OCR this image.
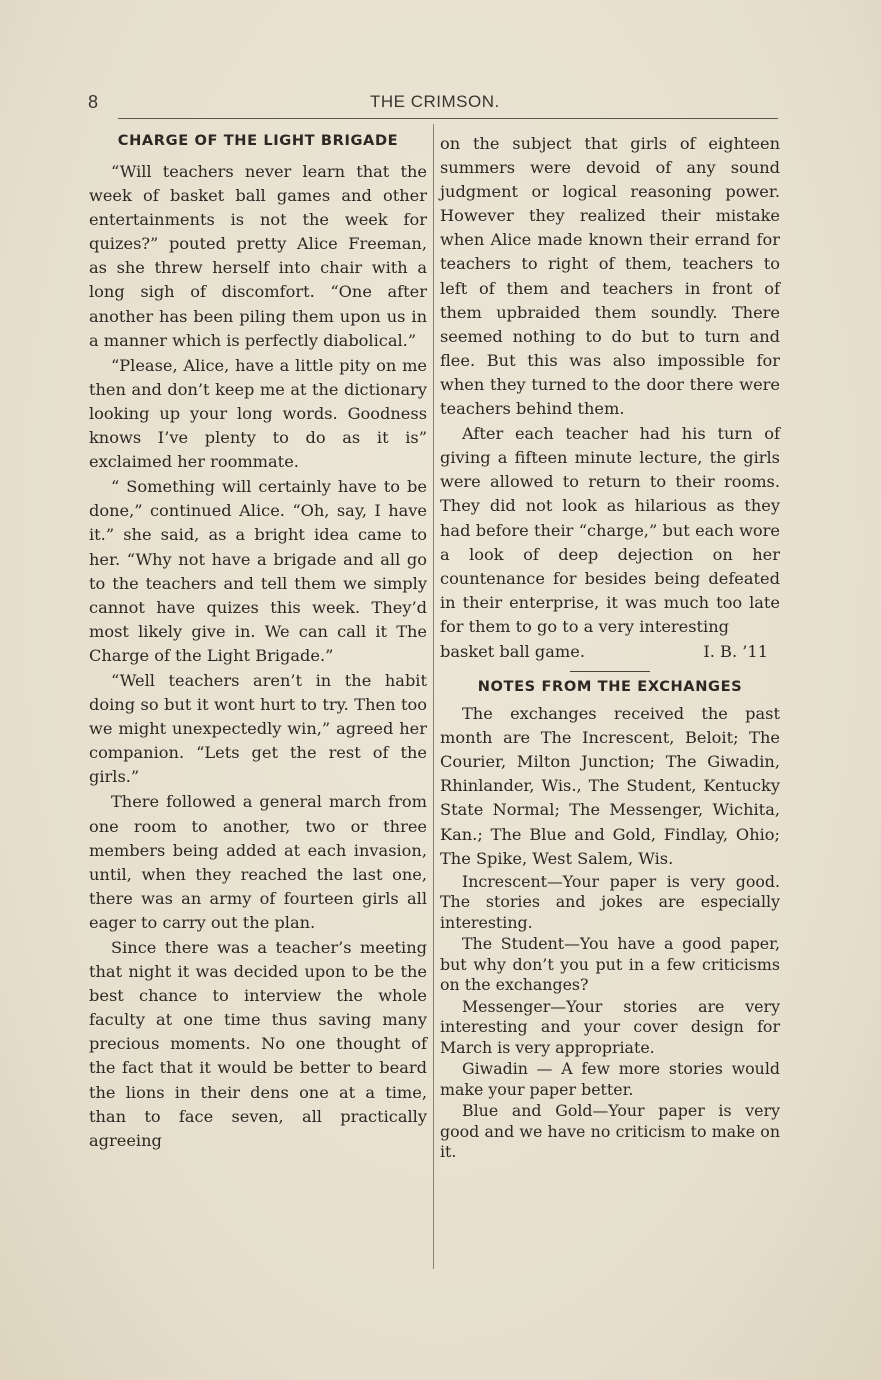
8	THE CRIMSON.
CHARGE OF THE LIGHT BRIGADE

“Will teachers never learn that the week of basket ball games and other entertainments is not the week for quizes?” pouted pretty Alice Freeman, as she threw herself into chair with a long sigh of discomfort. “One after another has been piling them upon us in a manner which is perfectly diabolical.”

“Please, Alice, have a little pity on me then and don’t keep me at the dictionary looking up your long words. Goodness knows I’ve plenty to do as it is” exclaimed her roommate.

“ Something will certainly have to be done,” continued Alice. “Oh, say, I have it.” she said, as a bright idea came to her. “Why not have a brigade and all go to the teachers and tell them we simply cannot have quizes this week. They’d most likely give in. We can call it The Charge of the Light Brigade.”

“Well teachers aren’t in the habit doing so but it wont hurt to try. Then too we might unexpectedly win,” agreed her companion. “Lets get the rest of the girls.”

There followed a general march from one room to another, two or three members being added at each invasion, until, when they reached the last one, there was an army of fourteen girls all eager to carry out the plan.

Since there was a teacher’s meeting that night it was decided upon to be the best chance to interview the whole faculty at one time thus saving many precious moments. No one thought of the fact that it would be better to beard the lions in their dens one at a time, than to face seven, all practically agreeing

on the subject that girls of eighteen summers were devoid of any sound judgment or logical reasoning power. However they realized their mistake when Alice made known their errand for teachers to right of them, teachers to left of them and teachers in front of them upbraided them soundly. There seemed nothing to do but to turn and flee. But this was also impossible for when they turned to the door there were teachers behind them.

After each teacher had his turn of giving a fifteen minute lecture, the girls were allowed to return to their rooms. They did not look as hilarious as they had before their “charge,” but each wore a look of deep dejection on her countenance for besides being defeated in their enterprise, it was much too late for them to go to a very interesting

basket ball game.	I. B. ’11
NOTES FROM THE EXCHANGES

The exchanges received the past month are The Increscent, Beloit; The Courier, Milton Junction; The Giwadin, Rhinlander, Wis., The Student, Kentucky State Normal; The Messenger, Wichita, Kan.; The Blue and Gold, Findlay, Ohio; The Spike, West Salem, Wis.

Increscent—Your paper is very good. The stories and jokes are especially interesting.

The Student—You have a good paper, but why don’t you put in a few criticisms on the exchanges?

Messenger—Your stories are very interesting and your cover design for March is very appropriate.

Giwadin — A few more stories would make your paper better.

Blue and Gold—Your paper is very good and we have no criticism to make on it.
